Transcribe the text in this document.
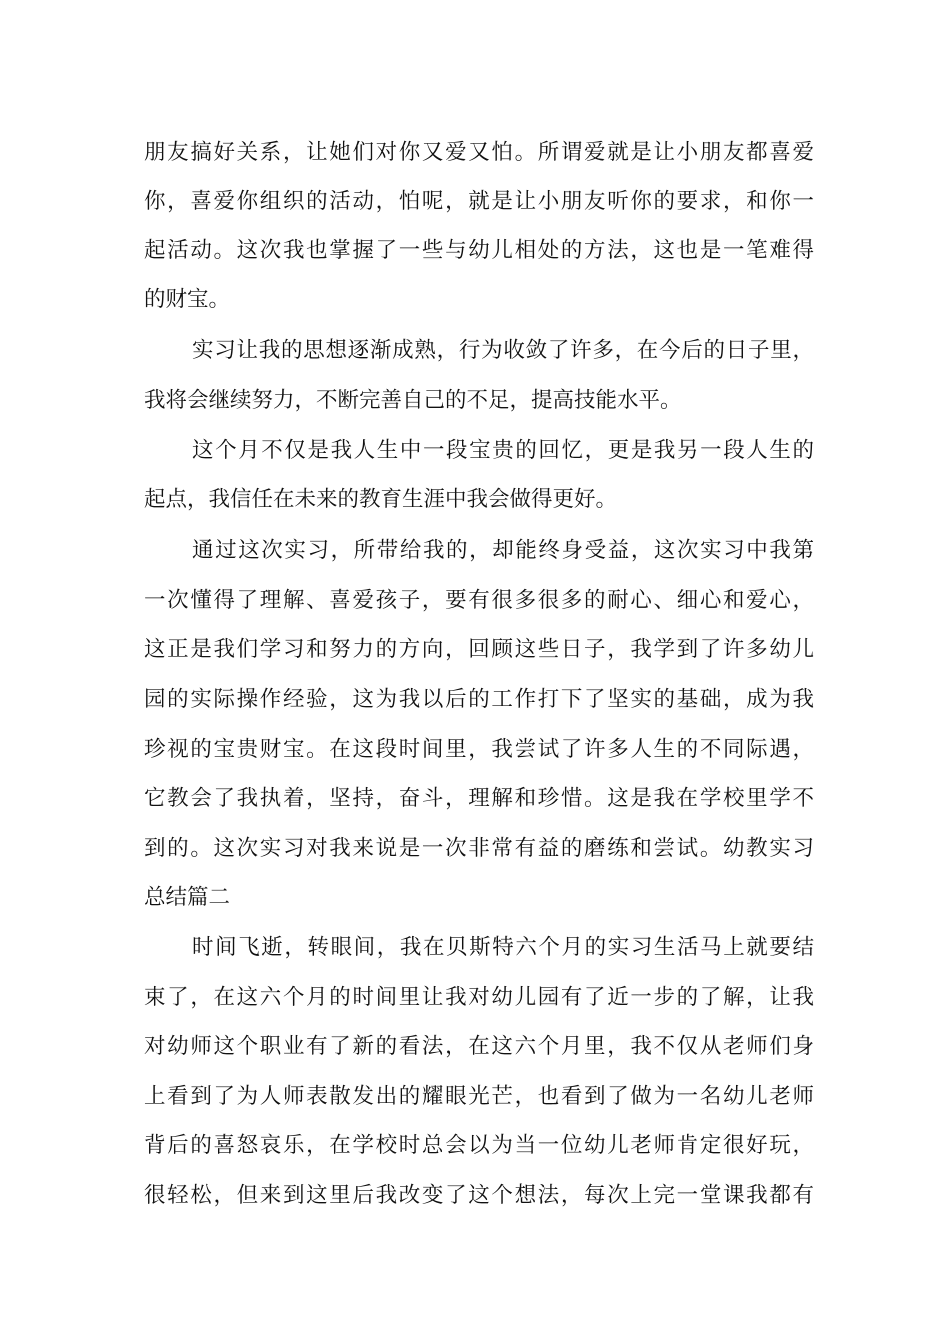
朋友搞好关系，让她们对你又爱又怕。所谓爱就是让小朋友都喜爱
你，喜爱你组织的活动，怕呢，就是让小朋友听你的要求，和你一
起活动。这次我也掌握了一些与幼儿相处的方法，这也是一笔难得
的财宝。
实习让我的思想逐渐成熟，行为收敛了许多，在今后的日子里，
我将会继续努力，不断完善自己的不足，提高技能水平。
这个月不仅是我人生中一段宝贵的回忆，更是我另一段人生的
起点，我信任在未来的教育生涯中我会做得更好。
通过这次实习，所带给我的，却能终身受益，这次实习中我第
一次懂得了理解、喜爱孩子，要有很多很多的耐心、细心和爱心，
这正是我们学习和努力的方向，回顾这些日子，我学到了许多幼儿
园的实际操作经验，这为我以后的工作打下了坚实的基础，成为我
珍视的宝贵财宝。在这段时间里，我尝试了许多人生的不同际遇，
它教会了我执着，坚持，奋斗，理解和珍惜。这是我在学校里学不
到的。这次实习对我来说是一次非常有益的磨练和尝试。幼教实习
总结篇二
时间飞逝，转眼间，我在贝斯特六个月的实习生活马上就要结
束了，在这六个月的时间里让我对幼儿园有了近一步的了解，让我
对幼师这个职业有了新的看法，在这六个月里，我不仅从老师们身
上看到了为人师表散发出的耀眼光芒，也看到了做为一名幼儿老师
背后的喜怒哀乐，在学校时总会以为当一位幼儿老师肯定很好玩，
很轻松，但来到这里后我改变了这个想法，每次上完一堂课我都有
